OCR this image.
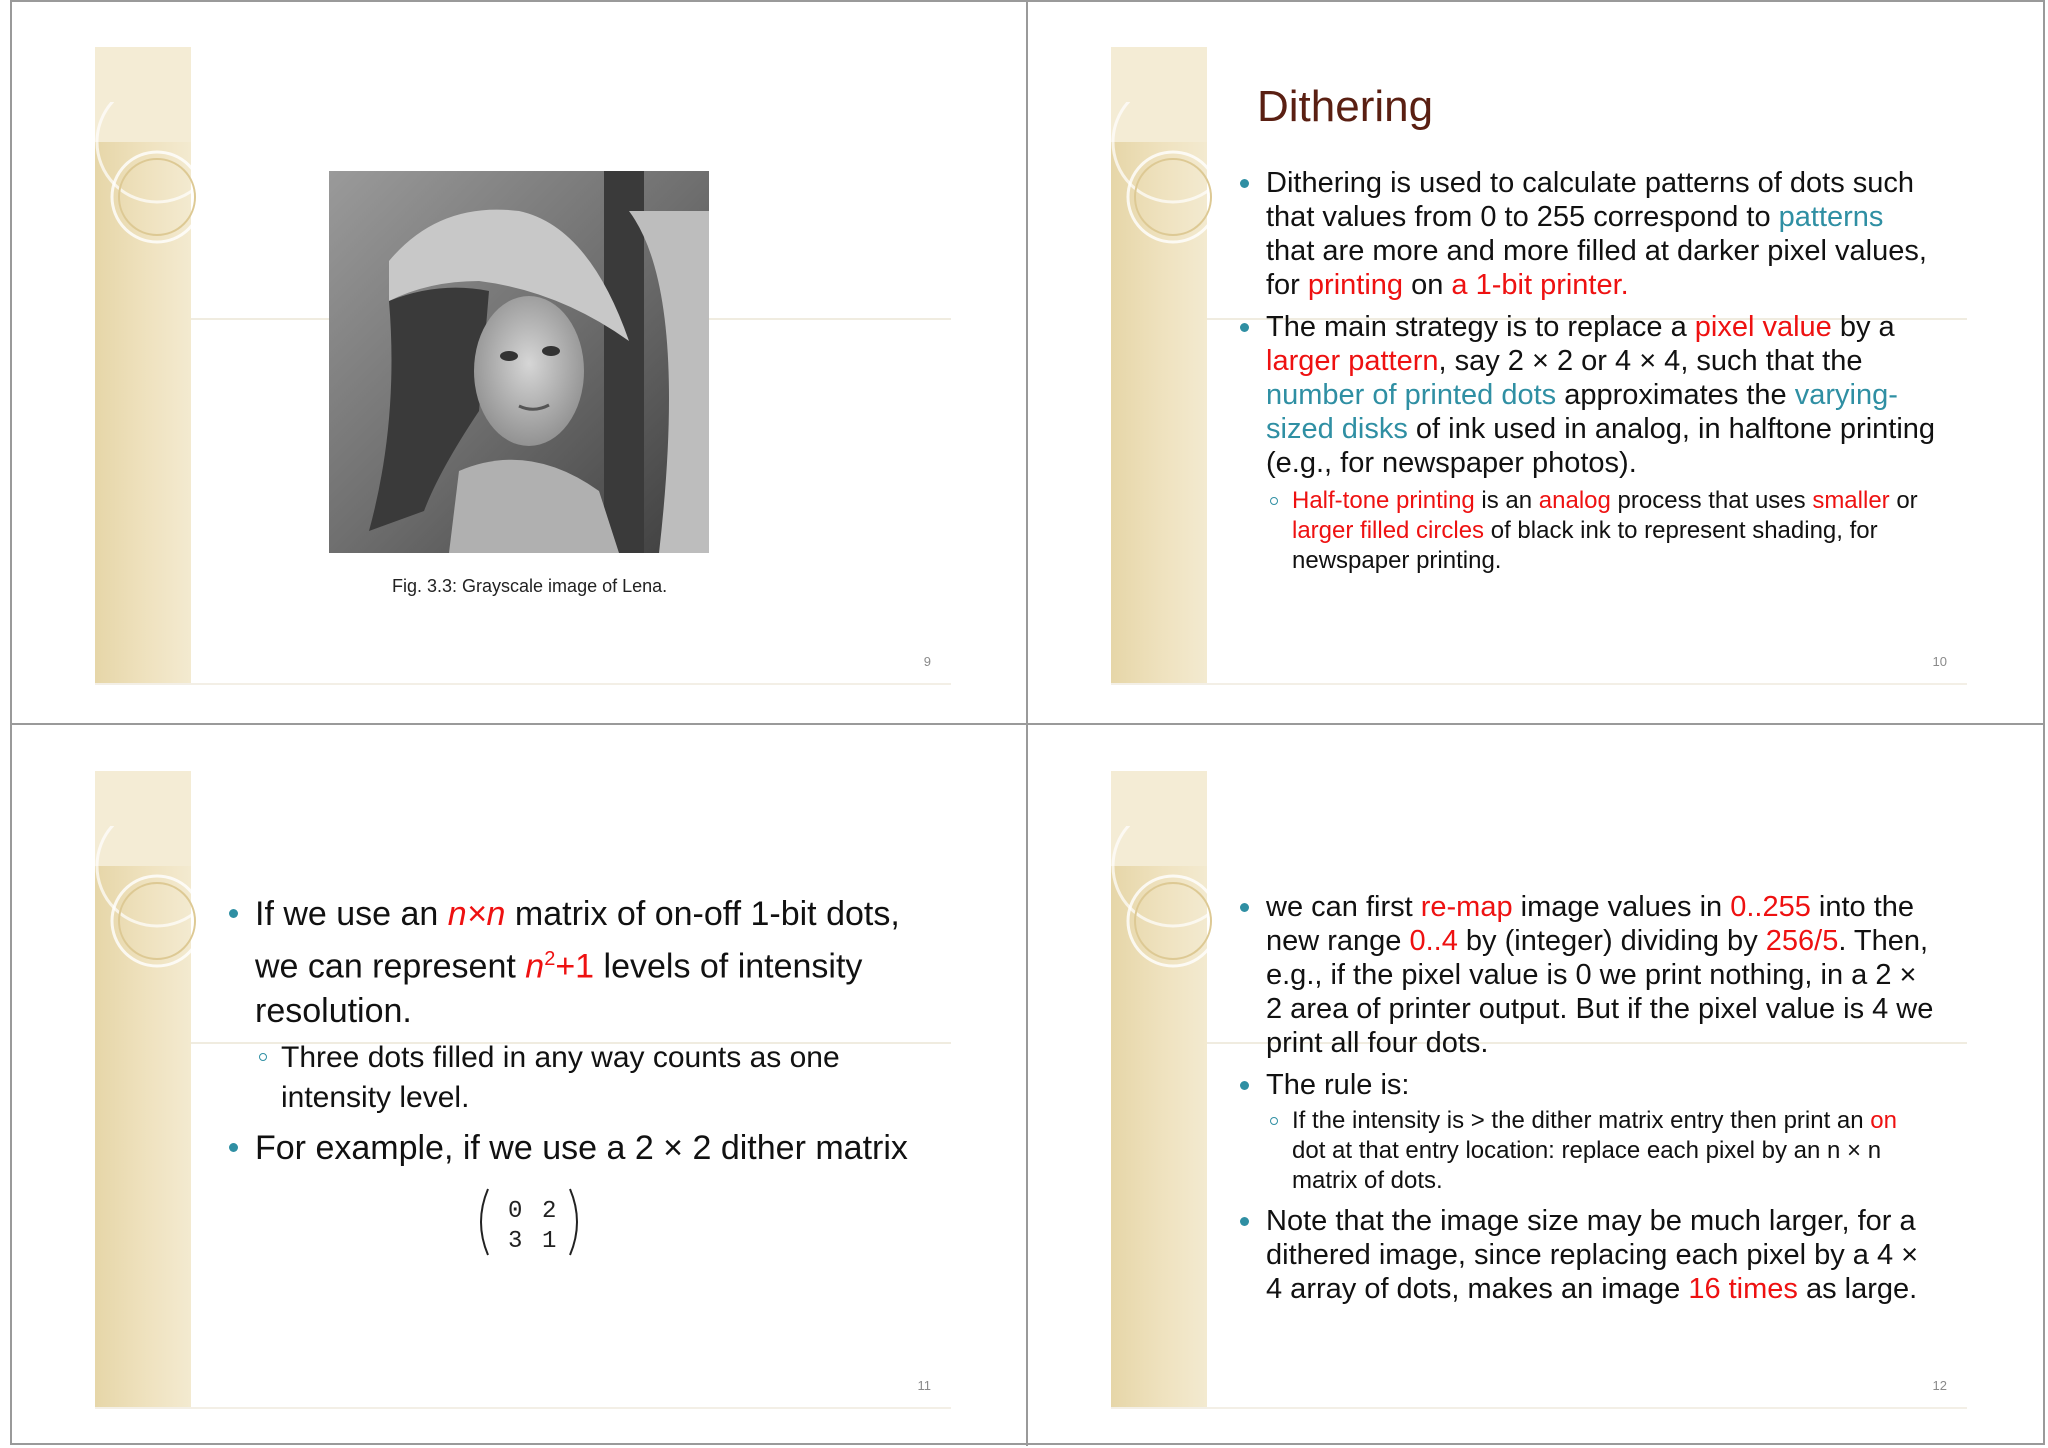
9
Fig. 3.3: Grayscale image of Lena.
Dithering
10
Dithering is used to calculate patterns of dots such that values from 0 to 255 correspond to patterns that are more and more filled at darker pixel values, for printing on a 1-bit printer.
The main strategy is to replace a pixel value by a larger pattern, say 2 × 2 or 4 × 4, such that the number of printed dots approximates the varying-sized disks of ink used in analog, in halftone printing (e.g., for newspaper photos).
Half-tone printing is an analog process that uses smaller or larger filled circles of black ink to represent shading, for newspaper printing.
11
If we use an n×n matrix of on-off 1-bit dots, we can represent $n^2+1$ levels of intensity resolution.
Three dots filled in any way counts as one intensity level.
For example, if we use a 2 × 2 dither matrix
0 2
3 1
12
we can first re-map image values in 0..255 into the new range 0..4 by (integer) dividing by 256/5. Then, e.g., if the pixel value is 0 we print nothing, in a 2 × 2 area of printer output. But if the pixel value is 4 we print all four dots.
The rule is:
If the intensity is > the dither matrix entry then print an on dot at that entry location: replace each pixel by an n × n matrix of dots.
Note that the image size may be much larger, for a dithered image, since replacing each pixel by a 4 × 4 array of dots, makes an image 16 times as large.
